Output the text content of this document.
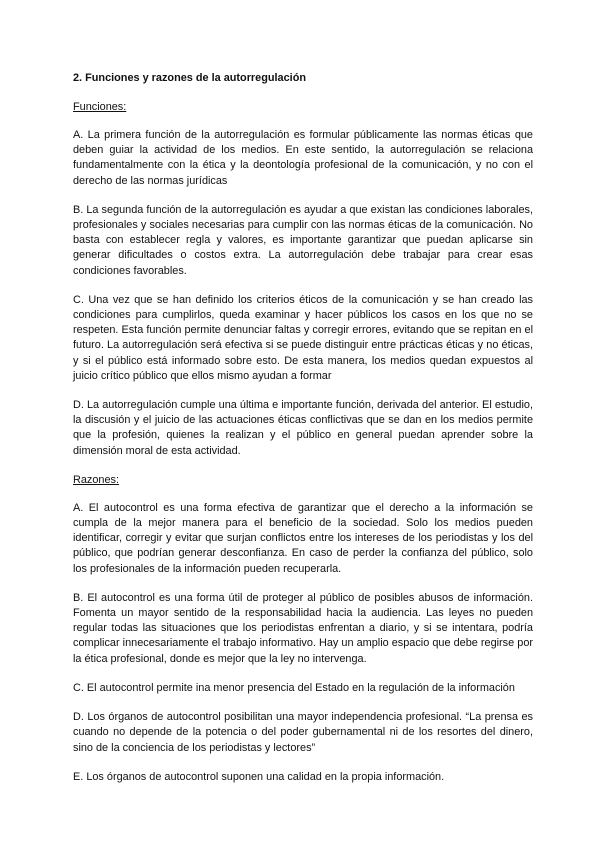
2. Funciones y razones de la autorregulación
Funciones:

A. La primera función de la autorregulación es formular públicamente las normas éticas que deben guiar la actividad de los medios. En este sentido, la autorregulación se relaciona fundamentalmente con la ética y la deontología profesional de la comunicación, y no con el derecho de las normas jurídicas

B. La segunda función de la autorregulación es ayudar a que existan las condiciones laborales, profesionales y sociales necesarias para cumplir con las normas éticas de la comunicación. No basta con establecer regla y valores, es importante garantizar que puedan aplicarse sin generar dificultades o costos extra. La autorregulación debe trabajar para crear esas condiciones favorables.

C. Una vez que se han definido los criterios éticos de la comunicación y se han creado las condiciones para cumplirlos, queda examinar y hacer públicos los casos en los que no se respeten. Esta función permite denunciar faltas y corregir errores, evitando que se repitan en el futuro. La autorregulación será efectiva si se puede distinguir entre prácticas éticas y no éticas, y si el público está informado sobre esto. De esta manera, los medios quedan expuestos al juicio crítico público que ellos mismo ayudan a formar

D. La autorregulación cumple una última e importante función, derivada del anterior. El estudio, la discusión y el juicio de las actuaciones éticas conflictivas que se dan en los medios permite que la profesión, quienes la realizan y el público en general puedan aprender sobre la dimensión moral de esta actividad.

Razones:

A. El autocontrol es una forma efectiva de garantizar que el derecho a la información se cumpla de la mejor manera para el beneficio de la sociedad. Solo los medios pueden identificar, corregir y evitar que surjan conflictos entre los intereses de los periodistas y los del público, que podrían generar desconfianza. En caso de perder la confianza del público, solo los profesionales de la información pueden recuperarla.

B. El autocontrol es una forma útil de proteger al público de posibles abusos de información. Fomenta un mayor sentido de la responsabilidad hacia la audiencia. Las leyes no pueden regular todas las situaciones que los periodistas enfrentan a diario, y si se intentara, podría complicar innecesariamente el trabajo informativo. Hay un amplio espacio que debe regirse por la ética profesional, donde es mejor que la ley no intervenga.

C. El autocontrol permite ina menor presencia del Estado en la regulación de la información

D. Los órganos de autocontrol posibilitan una mayor independencia profesional. “La prensa es cuando no depende de la potencia o del poder gubernamental ni de los resortes del dinero, sino de la conciencia de los periodistas y lectores”

E. Los órganos de autocontrol suponen una calidad en la propia información.
